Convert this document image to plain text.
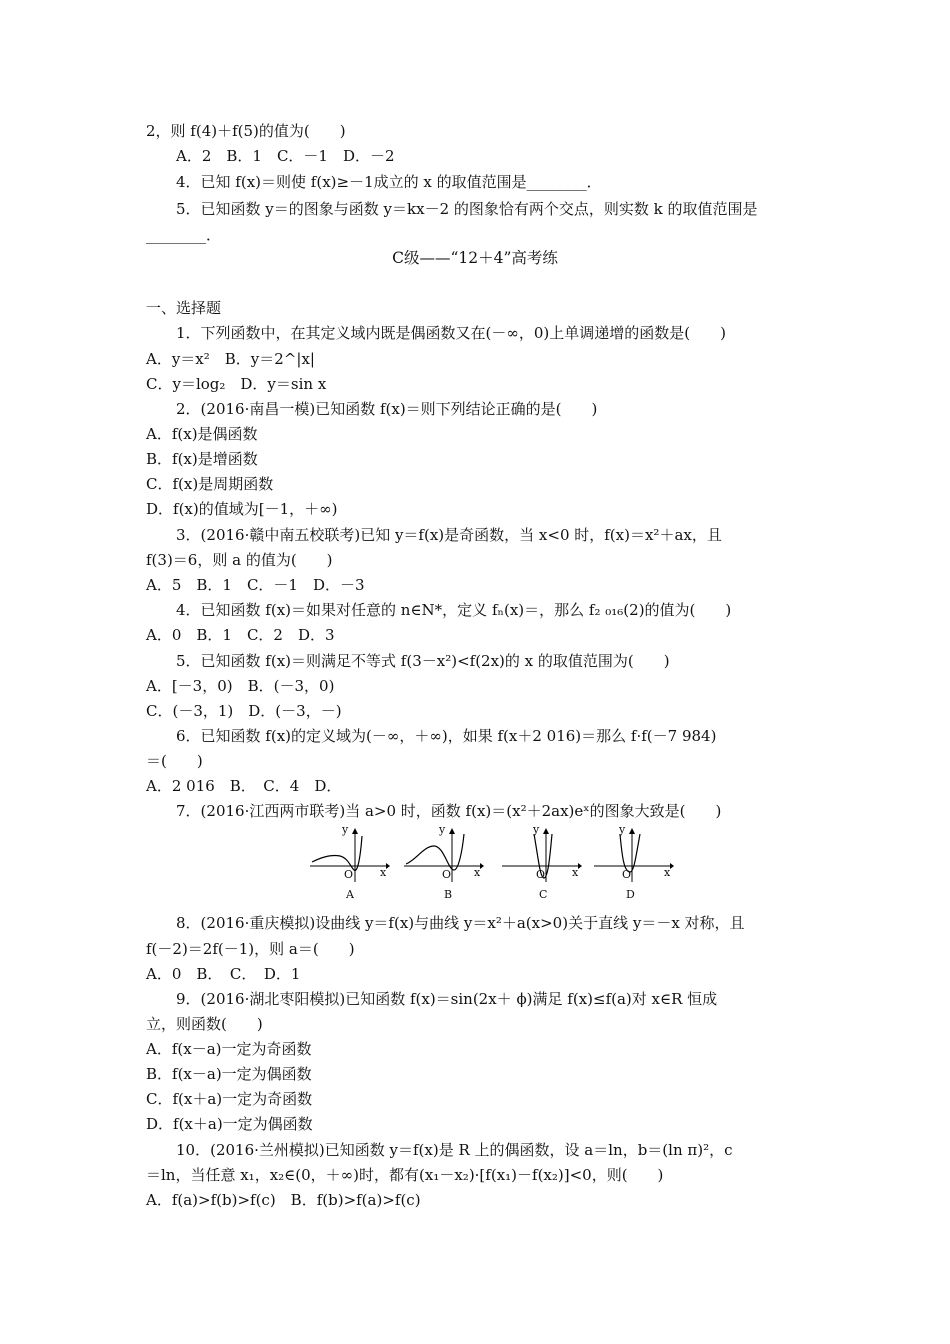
2，则 f(4)＋f(5)的值为(　　)
A．2　B．1　C．－1　D．－2
4．已知 f(x)＝则使 f(x)≥－1成立的 x 的取值范围是________．
5．已知函数 y＝的图象与函数 y＝kx－2 的图象恰有两个交点，则实数 k 的取值范围是
________．
C级——“12＋4”高考练
一、选择题
1．下列函数中，在其定义域内既是偶函数又在(－∞，0)上单调递增的函数是(　　)
A．y＝x²　B．y＝2^|x|
C．y＝log₂　D．y＝sin x
2．(2016·南昌一模)已知函数 f(x)＝则下列结论正确的是(　　)
A．f(x)是偶函数
B．f(x)是增函数
C．f(x)是周期函数
D．f(x)的值域为[－1，＋∞)
3．(2016·赣中南五校联考)已知 y＝f(x)是奇函数，当 x<0 时，f(x)＝x²＋ax，且
f(3)＝6，则 a 的值为(　　)
A．5　B．1　C．－1　D．－3
4．已知函数 f(x)＝如果对任意的 n∈N*，定义 fₙ(x)＝，那么 f₂ ₀₁₆(2)的值为(　　)
A．0　B．1　C．2　D．3
5．已知函数 f(x)＝则满足不等式 f(3－x²)<f(2x)的 x 的取值范围为(　　)
A．[－3，0)　B．(－3，0)
C．(－3，1)　D．(－3，－)
6．已知函数 f(x)的定义域为(－∞，＋∞)，如果 f(x＋2 016)＝那么 f·f(－7 984)
＝(　　)
A．2 016　B．　C．4　D．
7．(2016·江西两市联考)当 a>0 时，函数 f(x)＝(x²＋2ax)eˣ的图象大致是(　　)
y
x
O
A
y
x
O
B
y
x
O
C
y
x
O
D
8．(2016·重庆模拟)设曲线 y＝f(x)与曲线 y＝x²＋a(x>0)关于直线 y＝－x 对称，且
f(－2)＝2f(－1)，则 a＝(　　)
A．0　B．　C．　D．1
9．(2016·湖北枣阳模拟)已知函数 f(x)＝sin(2x＋ ϕ)满足 f(x)≤f(a)对 x∈R 恒成
立，则函数(　　)
A．f(x－a)一定为奇函数
B．f(x－a)一定为偶函数
C．f(x＋a)一定为奇函数
D．f(x＋a)一定为偶函数
10．(2016·兰州模拟)已知函数 y＝f(x)是 R 上的偶函数，设 a＝ln，b＝(ln π)²，c
＝ln，当任意 x₁，x₂∈(0，＋∞)时，都有(x₁－x₂)·[f(x₁)－f(x₂)]<0，则(　　)
A．f(a)>f(b)>f(c)　B．f(b)>f(a)>f(c)
